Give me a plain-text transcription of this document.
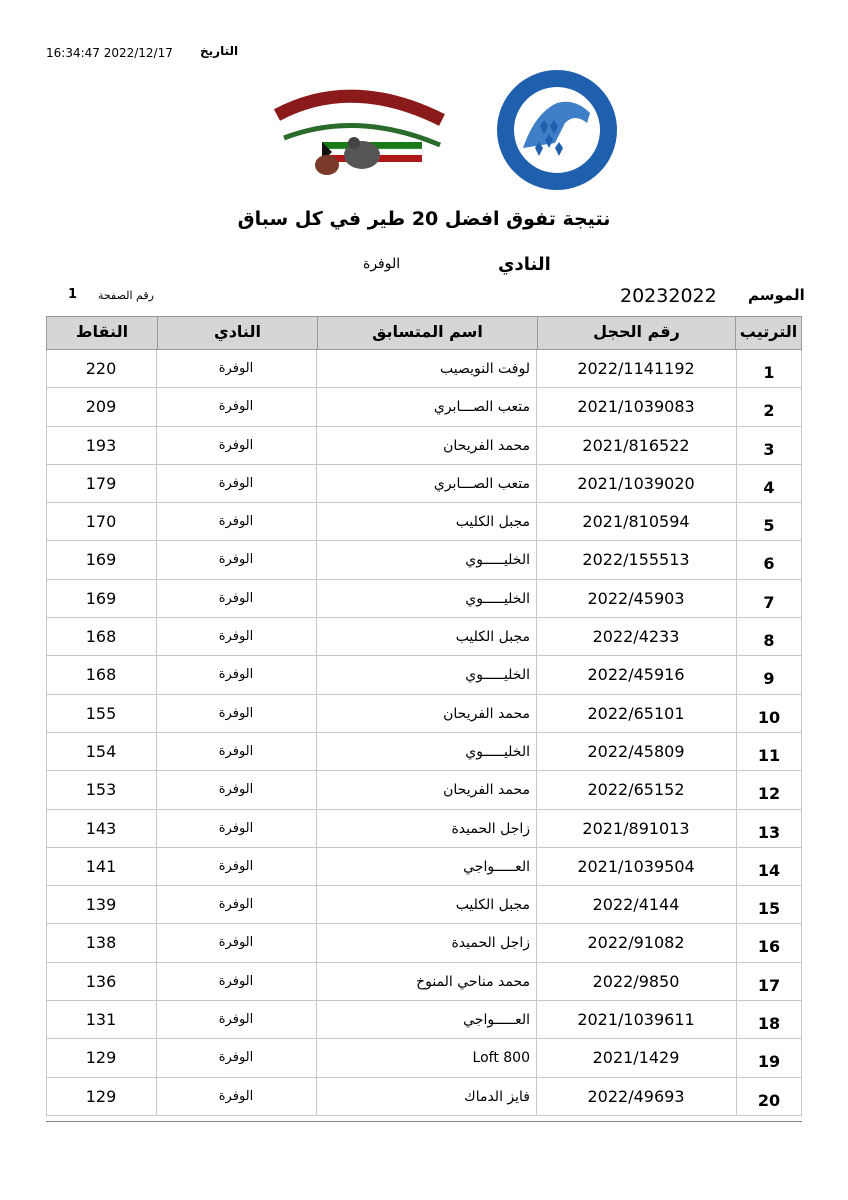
16:34:47 2022/12/17 التاريخ
نتيجة تفوق افضل 20 طير في كل سباق
النادي
الوفرة
الموسم
20232022
رقم الصفحة
1
الترتيب
رقم الحجل
اسم المتسابق
النادي
النقاط
1
2022/1141192
لوفت النويصيب
الوفرة
220
2
2021/1039083
متعب الصـــابري
الوفرة
209
3
2021/816522
محمد الفريحان
الوفرة
193
4
2021/1039020
متعب الصـــابري
الوفرة
179
5
2021/810594
مجبل الكليب
الوفرة
170
6
2022/155513
الخليـــــوي
الوفرة
169
7
2022/45903
الخليـــــوي
الوفرة
169
8
2022/4233
مجبل الكليب
الوفرة
168
9
2022/45916
الخليـــــوي
الوفرة
168
10
2022/65101
محمد الفريحان
الوفرة
155
11
2022/45809
الخليـــــوي
الوفرة
154
12
2022/65152
محمد الفريحان
الوفرة
153
13
2021/891013
زاجل الحميدة
الوفرة
143
14
2021/1039504
العـــــواجي
الوفرة
141
15
2022/4144
مجبل الكليب
الوفرة
139
16
2022/91082
زاجل الحميدة
الوفرة
138
17
2022/9850
محمد مناحي المنوخ
الوفرة
136
18
2021/1039611
العـــــواجي
الوفرة
131
19
2021/1429
Loft 800
الوفرة
129
20
2022/49693
فايز الدماك
الوفرة
129
